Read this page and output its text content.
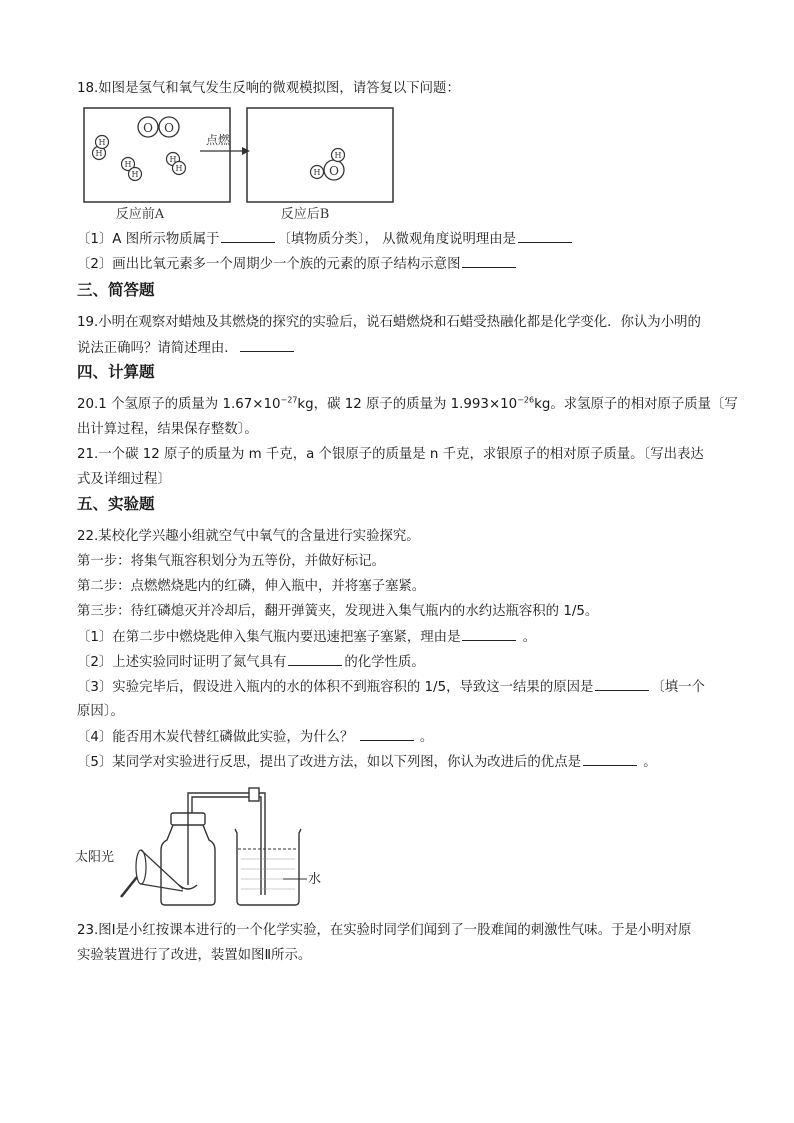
18.如图是氢气和氧气发生反响的微观模拟图，请答复以下问题：
O O
H
H
H
H
H
H
点燃
O
H
H
反应前A	反应后B
〔1〕A 图所示物质属于	〔填物质分类〕， 从微观角度说明理由是
〔2〕画出比氧元素多一个周期少一个族的元素的原子结构示意图
三、简答题
19.小明在观察对蜡烛及其燃烧的探究的实验后，说石蜡燃烧和石蜡受热融化都是化学变化．你认为小明的
说法正确吗？请简述理由．
四、计算题
20.1 个氢原子的质量为 $1.67\times 10^{-27}kg$，碳 12 原子的质量为 $1.993\times 10^{-26}kg$。求氢原子的相对原子质量〔写
出计算过程，结果保存整数〕。
21.一个碳 12 原子的质量为 m 千克，a 个银原子的质量是 n 千克，求银原子的相对原子质量。〔写出表达
式及详细过程〕
五、实验题
22.某校化学兴趣小组就空气中氧气的含量进行实验探究。
第一步：将集气瓶容积划分为五等份，并做好标记。
第二步：点燃燃烧匙内的红磷，伸入瓶中，并将塞子塞紧。
第三步：待红磷熄灭并冷却后，翻开弹簧夹，发现进入集气瓶内的水约达瓶容积的 1/5。
〔1〕在第二步中燃烧匙伸入集气瓶内要迅速把塞子塞紧，理由是	。
〔2〕上述实验同时证明了氮气具有	的化学性质。
〔3〕实验完毕后，假设进入瓶内的水的体积不到瓶容积的 1/5，导致这一结果的原因是	〔填一个
原因〕。
〔4〕能否用木炭代替红磷做此实验，为什么？	。
〔5〕某同学对实验进行反思，提出了改进方法，如以下列图，你认为改进后的优点是	。
太阳光
水
23.图Ⅰ是小红按课本进行的一个化学实验，在实验时同学们闻到了一股难闻的刺激性气味。于是小明对原
实验装置进行了改进，装置如图Ⅱ所示。
